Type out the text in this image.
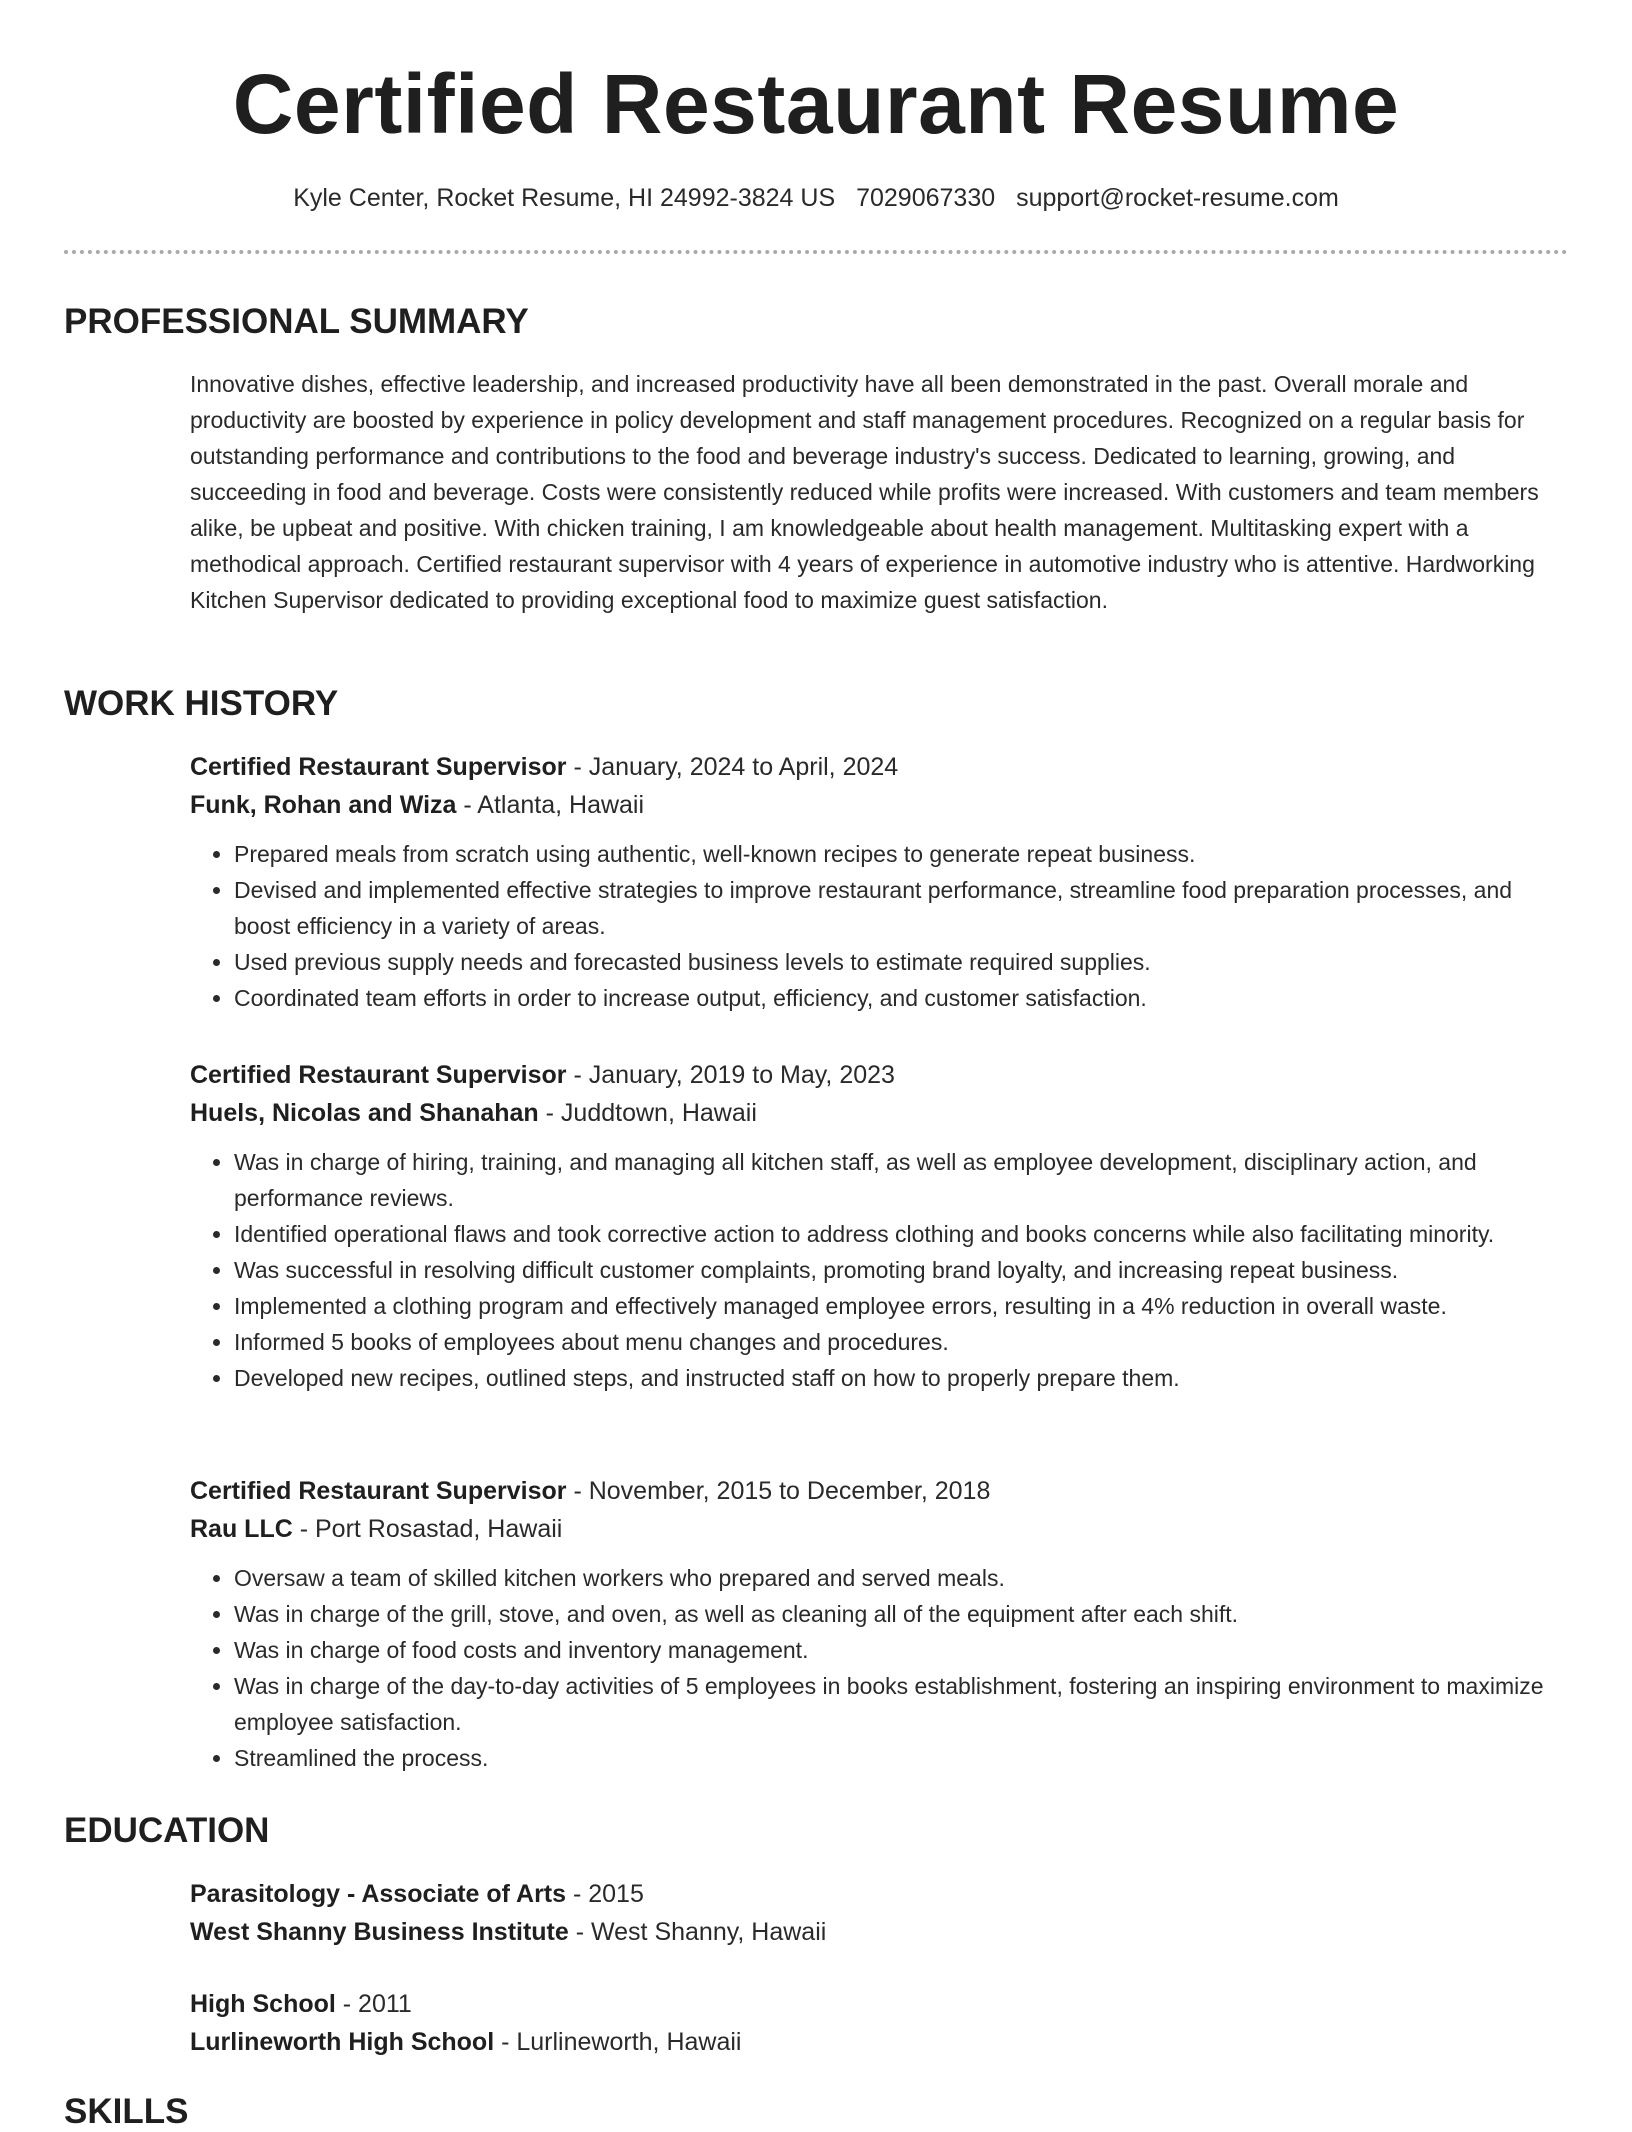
Certified Restaurant Resume
Kyle Center, Rocket Resume, HI 24992-3824 US 7029067330 support@rocket-resume.com
PROFESSIONAL SUMMARY

Innovative dishes, effective leadership, and increased productivity have all been demonstrated in the past. Overall morale and productivity are boosted by experience in policy development and staff management procedures. Recognized on a regular basis for outstanding performance and contributions to the food and beverage industry's success. Dedicated to learning, growing, and succeeding in food and beverage. Costs were consistently reduced while profits were increased. With customers and team members alike, be upbeat and positive. With chicken training, I am knowledgeable about health management. Multitasking expert with a methodical approach. Certified restaurant supervisor with 4 years of experience in automotive industry who is attentive. Hardworking Kitchen Supervisor dedicated to providing exceptional food to maximize guest satisfaction.

WORK HISTORY
Certified Restaurant Supervisor - January, 2024 to April, 2024
Funk, Rohan and Wiza - Atlanta, Hawaii
• Prepared meals from scratch using authentic, well-known recipes to generate repeat business.
• Devised and implemented effective strategies to improve restaurant performance, streamline food preparation processes, and boost efficiency in a variety of areas.
• Used previous supply needs and forecasted business levels to estimate required supplies.
• Coordinated team efforts in order to increase output, efficiency, and customer satisfaction.
Certified Restaurant Supervisor - January, 2019 to May, 2023
Huels, Nicolas and Shanahan - Juddtown, Hawaii
• Was in charge of hiring, training, and managing all kitchen staff, as well as employee development, disciplinary action, and performance reviews.
• Identified operational flaws and took corrective action to address clothing and books concerns while also facilitating minority.
• Was successful in resolving difficult customer complaints, promoting brand loyalty, and increasing repeat business.
• Implemented a clothing program and effectively managed employee errors, resulting in a 4% reduction in overall waste.
• Informed 5 books of employees about menu changes and procedures.
• Developed new recipes, outlined steps, and instructed staff on how to properly prepare them.
Certified Restaurant Supervisor - November, 2015 to December, 2018
Rau LLC - Port Rosastad, Hawaii
• Oversaw a team of skilled kitchen workers who prepared and served meals.
• Was in charge of the grill, stove, and oven, as well as cleaning all of the equipment after each shift.
• Was in charge of food costs and inventory management.
• Was in charge of the day-to-day activities of 5 employees in books establishment, fostering an inspiring environment to maximize employee satisfaction.
• Streamlined the process.
EDUCATION
Parasitology - Associate of Arts - 2015
West Shanny Business Institute - West Shanny, Hawaii
High School - 2011
Lurlineworth High School - Lurlineworth, Hawaii
SKILLS
